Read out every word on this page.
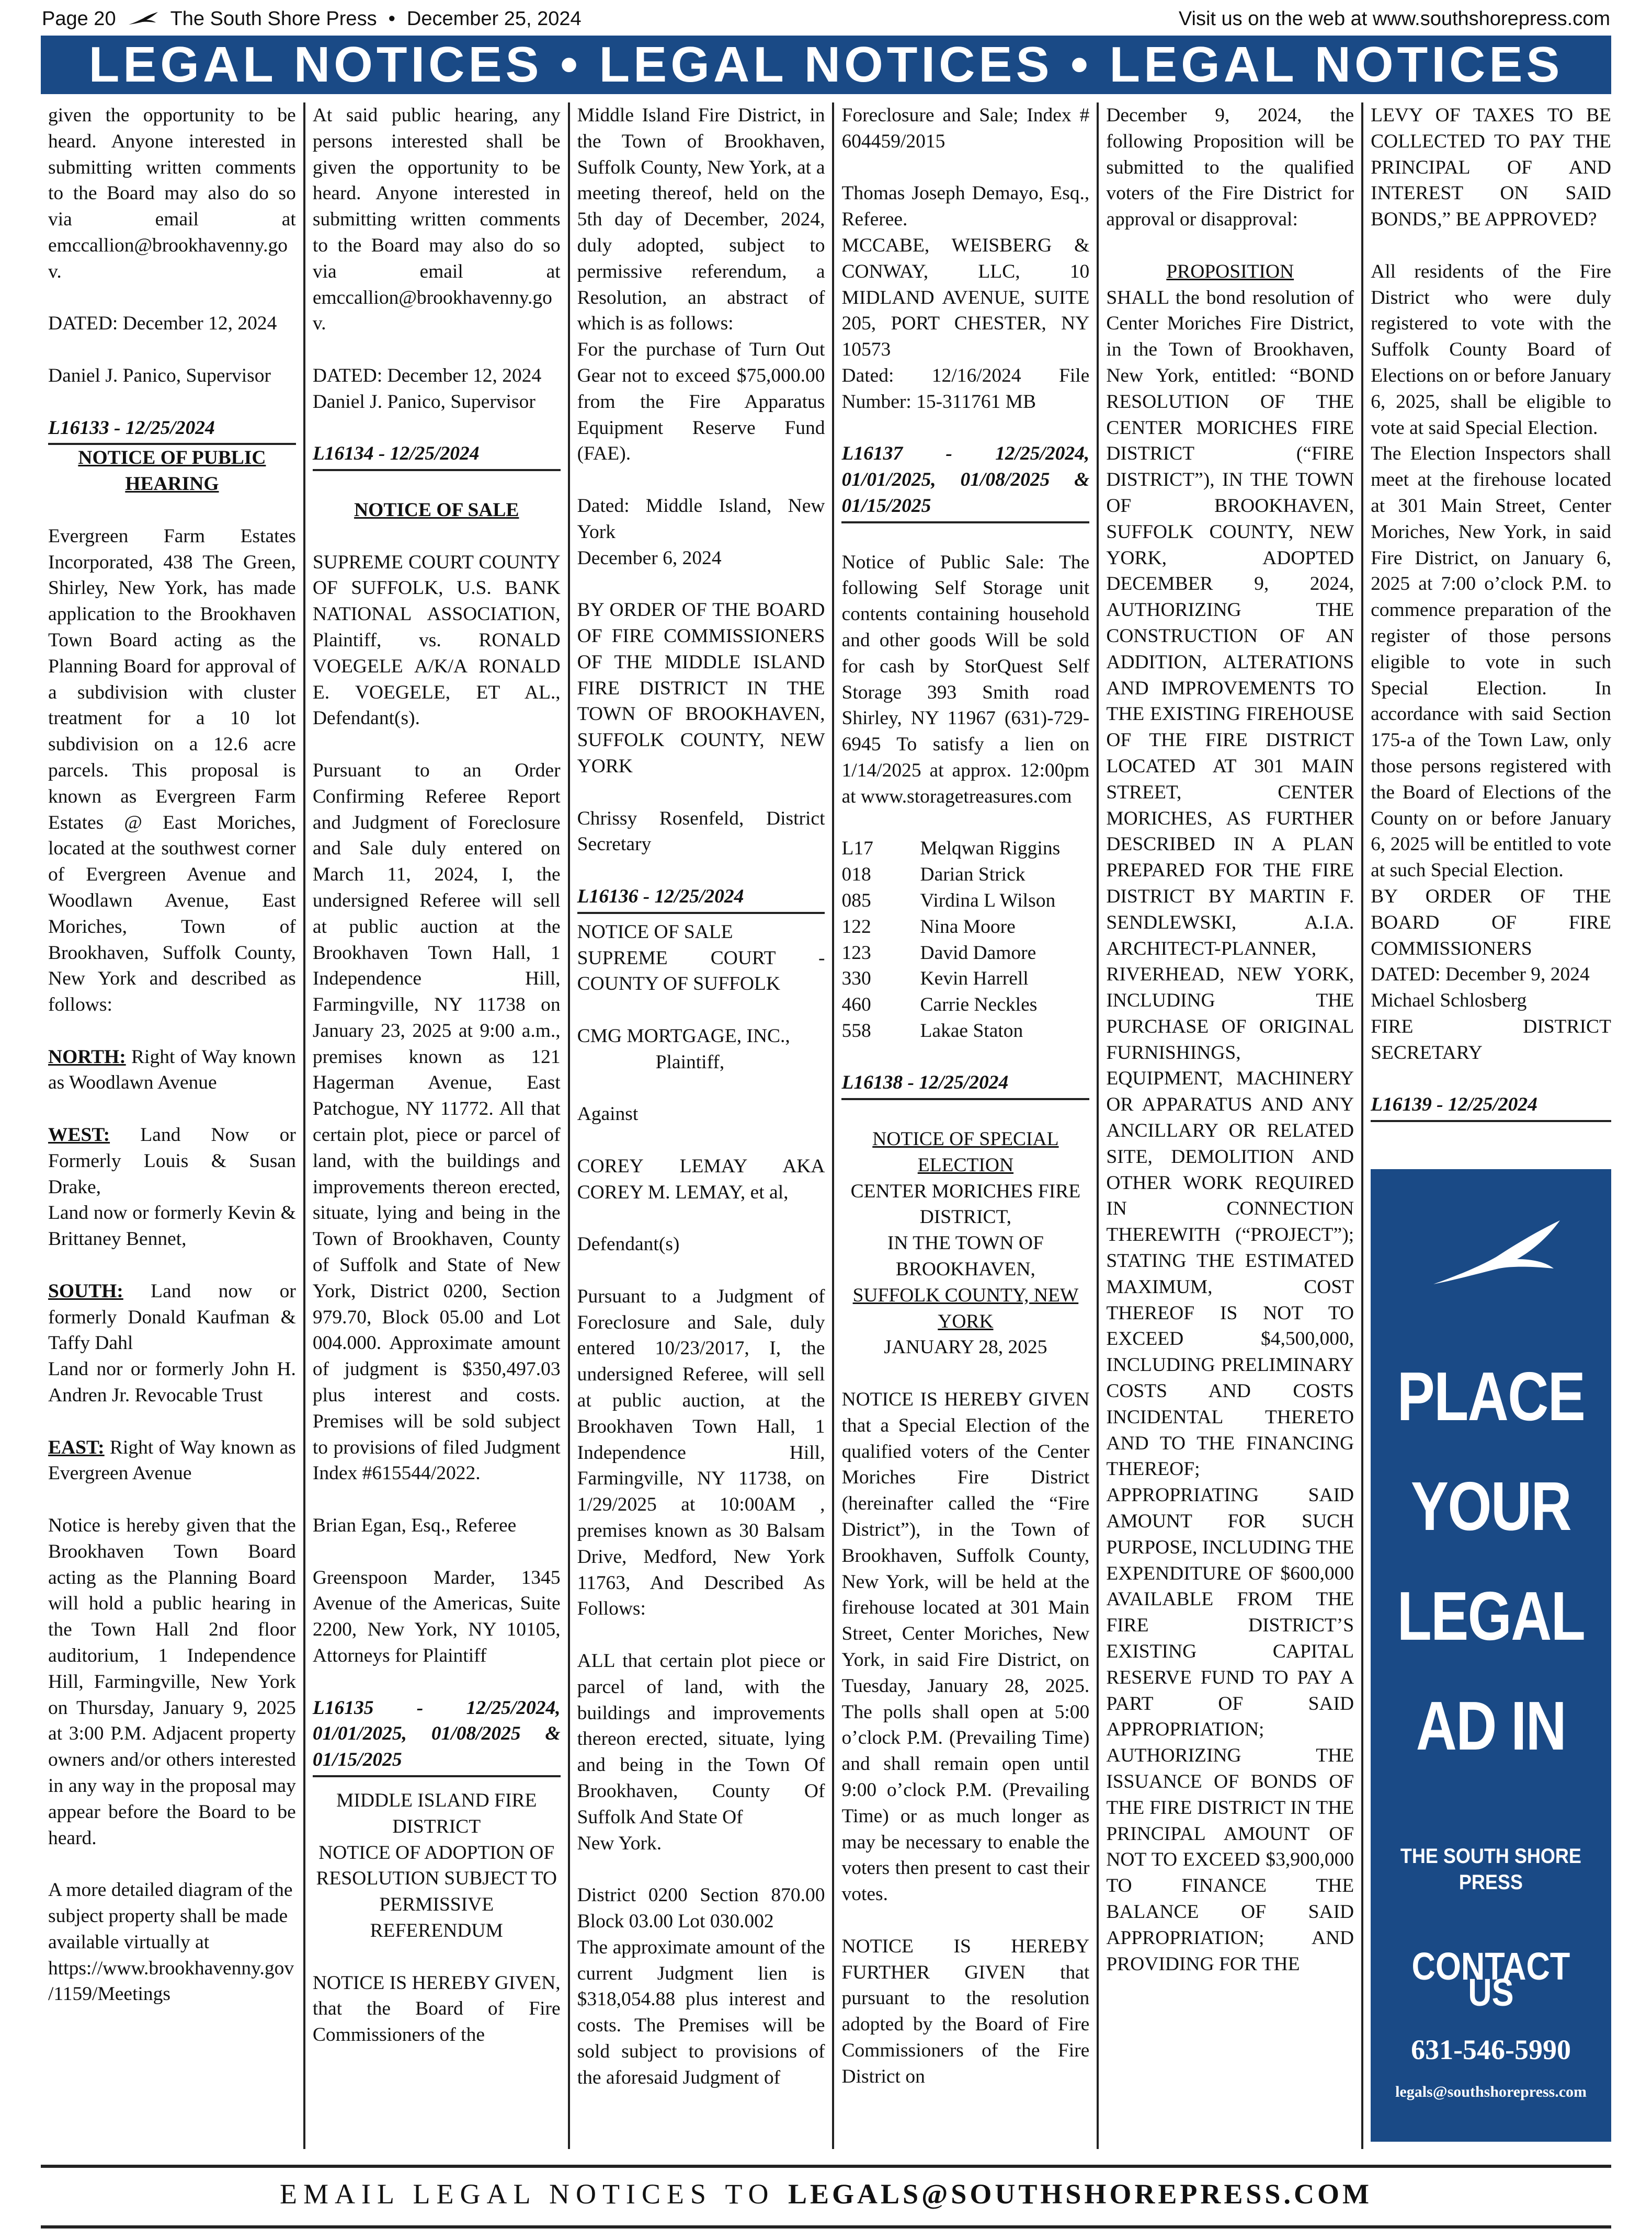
Page 20	The South Shore Press • December 25, 2024	Visit us on the web at www.southshorepress.com
LEGAL NOTICES • LEGAL NOTICES • LEGAL NOTICES

given the opportunity to be heard. Anyone interested in submitting written comments to the Board may also do so via email at emccallion@brookhavenny.gov.

DATED: December 12, 2024

Daniel J. Panico, Supervisor

L16133 - 12/25/2024

NOTICE OF PUBLIC HEARING

Evergreen Farm Estates Incorporated, 438 The Green, Shirley, New York, has made application to the Brookhaven Town Board acting as the Planning Board for approval of a subdivision with cluster treatment for a 10 lot subdivision on a 12.6 acre parcels. This proposal is known as Evergreen Farm Estates @ East Moriches, located at the southwest corner of Evergreen Avenue and Woodlawn Avenue, East Moriches, Town of Brookhaven, Suffolk County, New York and described as follows:

NORTH: Right of Way known as Woodlawn Avenue

WEST: Land Now or Formerly Louis & Susan Drake,

Land now or formerly Kevin & Brittaney Bennet,

SOUTH: Land now or formerly Donald Kaufman & Taffy Dahl

Land nor or formerly John H. Andren Jr. Revocable Trust

EAST: Right of Way known as Evergreen Avenue

Notice is hereby given that the Brookhaven Town Board acting as the Planning Board will hold a public hearing in the Town Hall 2nd floor auditorium, 1 Independence Hill, Farmingville, New York on Thursday, January 9, 2025 at 3:00 P.M. Adjacent property owners and/or others interested in any way in the proposal may appear before the Board to be heard.

A more detailed diagram of the subject property shall be made available virtually at https://www.brookhavenny.gov/1159/Meetings

At said public hearing, any persons interested shall be given the opportunity to be heard. Anyone interested in submitting written comments to the Board may also do so via email at emccallion@brookhavenny.gov.

DATED: December 12, 2024

Daniel J. Panico, Supervisor

L16134 - 12/25/2024

NOTICE OF SALE

SUPREME COURT COUNTY OF SUFFOLK, U.S. BANK NATIONAL ASSOCIATION, Plaintiff, vs. RONALD VOEGELE A/K/A RONALD E. VOEGELE, ET AL., Defendant(s).

Pursuant to an Order Confirming Referee Report and Judgment of Foreclosure and Sale duly entered on March 11, 2024, I, the undersigned Referee will sell at public auction at the Brookhaven Town Hall, 1 Independence Hill, Farmingville, NY 11738 on January 23, 2025 at 9:00 a.m., premises known as 121 Hagerman Avenue, East Patchogue, NY 11772. All that certain plot, piece or parcel of land, with the buildings and improvements thereon erected, situate, lying and being in the Town of Brookhaven, County of Suffolk and State of New York, District 0200, Section 979.70, Block 05.00 and Lot 004.000. Approximate amount of judgment is $350,497.03 plus interest and costs. Premises will be sold subject to provisions of filed Judgment Index #615544/2022.

Brian Egan, Esq., Referee

Greenspoon Marder, 1345 Avenue of the Americas, Suite 2200, New York, NY 10105, Attorneys for Plaintiff

L16135 - 12/25/2024, 01/01/2025, 01/08/2025 & 01/15/2025

MIDDLE ISLAND FIRE DISTRICT

NOTICE OF ADOPTION OF RESOLUTION SUBJECT TO PERMISSIVE REFERENDUM

NOTICE IS HEREBY GIVEN, that the Board of Fire Commissioners of the

Middle Island Fire District, in the Town of Brookhaven, Suffolk County, New York, at a meeting thereof, held on the 5th day of December, 2024, duly adopted, subject to permissive referendum, a Resolution, an abstract of which is as follows:

For the purchase of Turn Out Gear not to exceed $75,000.00 from the Fire Apparatus Equipment Reserve Fund (FAE).

Dated: Middle Island, New York

December 6, 2024

BY ORDER OF THE BOARD OF FIRE COMMISSIONERS OF THE MIDDLE ISLAND FIRE DISTRICT IN THE TOWN OF BROOKHAVEN, SUFFOLK COUNTY, NEW YORK

Chrissy Rosenfeld, District Secretary

L16136 - 12/25/2024

NOTICE OF SALE

SUPREME COURT - COUNTY OF SUFFOLK

CMG MORTGAGE, INC.,

Plaintiff,

Against

COREY LEMAY AKA COREY M. LEMAY, et al,

Defendant(s)

Pursuant to a Judgment of Foreclosure and Sale, duly entered 10/23/2017, I, the undersigned Referee, will sell at public auction, at the Brookhaven Town Hall, 1 Independence Hill, Farmingville, NY 11738, on 1/29/2025 at 10:00AM , premises known as 30 Balsam Drive, Medford, New York 11763, And Described As Follows:

ALL that certain plot piece or parcel of land, with the buildings and improvements thereon erected, situate, lying and being in the Town Of Brookhaven, County Of Suffolk And State Of

New York.

District 0200 Section 870.00 Block 03.00 Lot 030.002

The approximate amount of the current Judgment lien is $318,054.88 plus interest and costs. The Premises will be sold subject to provisions of the aforesaid Judgment of

Foreclosure and Sale; Index # 604459/2015

Thomas Joseph Demayo, Esq., Referee.

MCCABE, WEISBERG & CONWAY, LLC, 10 MIDLAND AVENUE, SUITE 205, PORT CHESTER, NY 10573

Dated: 12/16/2024 File Number: 15-311761 MB

L16137 - 12/25/2024, 01/01/2025, 01/08/2025 & 01/15/2025

Notice of Public Sale: The following Self Storage unit contents containing household and other goods Will be sold for cash by StorQuest Self Storage 393 Smith road Shirley, NY 11967 (631)-729-6945 To satisfy a lien on 1/14/2025 at approx. 12:00pm at www.storagetreasures.com

L17	Melqwan Riggins
018	Darian Strick
085	Virdina L Wilson
122	Nina Moore
123	David Damore
330	Kevin Harrell
460	Carrie Neckles
558	Lakae Staton

L16138 - 12/25/2024

NOTICE OF SPECIAL ELECTION

CENTER MORICHES FIRE DISTRICT,

IN THE TOWN OF BROOKHAVEN,

SUFFOLK COUNTY, NEW YORK

JANUARY 28, 2025

NOTICE IS HEREBY GIVEN that a Special Election of the qualified voters of the Center Moriches Fire District (hereinafter called the “Fire District”), in the Town of Brookhaven, Suffolk County, New York, will be held at the firehouse located at 301 Main Street, Center Moriches, New York, in said Fire District, on Tuesday, January 28, 2025. The polls shall open at 5:00 o’clock P.M. (Prevailing Time) and shall remain open until 9:00 o’clock P.M. (Prevailing Time) or as much longer as may be necessary to enable the voters then present to cast their votes.

NOTICE IS HEREBY FURTHER GIVEN that pursuant to the resolution adopted by the Board of Fire Commissioners of the Fire District on

December 9, 2024, the following Proposition will be submitted to the qualified voters of the Fire District for approval or disapproval:

PROPOSITION

SHALL the bond resolution of Center Moriches Fire District, in the Town of Brookhaven, New York, entitled: “BOND RESOLUTION OF THE CENTER MORICHES FIRE DISTRICT (“FIRE DISTRICT”), IN THE TOWN OF BROOKHAVEN, SUFFOLK COUNTY, NEW YORK, ADOPTED DECEMBER 9, 2024, AUTHORIZING THE CONSTRUCTION OF AN ADDITION, ALTERATIONS AND IMPROVEMENTS TO THE EXISTING FIREHOUSE OF THE FIRE DISTRICT LOCATED AT 301 MAIN STREET, CENTER MORICHES, AS FURTHER DESCRIBED IN A PLAN PREPARED FOR THE FIRE DISTRICT BY MARTIN F. SENDLEWSKI, A.I.A. ARCHITECT-PLANNER, RIVERHEAD, NEW YORK, INCLUDING THE PURCHASE OF ORIGINAL FURNISHINGS, EQUIPMENT, MACHINERY OR APPARATUS AND ANY ANCILLARY OR RELATED SITE, DEMOLITION AND OTHER WORK REQUIRED IN CONNECTION THEREWITH (“PROJECT”); STATING THE ESTIMATED MAXIMUM, COST THEREOF IS NOT TO EXCEED $4,500,000, INCLUDING PRELIMINARY COSTS AND COSTS INCIDENTAL THERETO AND TO THE FINANCING THEREOF; APPROPRIATING SAID AMOUNT FOR SUCH PURPOSE, INCLUDING THE EXPENDITURE OF $600,000 AVAILABLE FROM THE FIRE DISTRICT’S EXISTING CAPITAL RESERVE FUND TO PAY A PART OF SAID APPROPRIATION; AUTHORIZING THE ISSUANCE OF BONDS OF THE FIRE DISTRICT IN THE PRINCIPAL AMOUNT OF NOT TO EXCEED $3,900,000 TO FINANCE THE BALANCE OF SAID APPROPRIATION; AND PROVIDING FOR THE

LEVY OF TAXES TO BE COLLECTED TO PAY THE PRINCIPAL OF AND INTEREST ON SAID BONDS,” BE APPROVED?

All residents of the Fire District who were duly registered to vote with the Suffolk County Board of Elections on or before January 6, 2025, shall be eligible to vote at said Special Election.

The Election Inspectors shall meet at the firehouse located at 301 Main Street, Center Moriches, New York, in said Fire District, on January 6, 2025 at 7:00 o’clock P.M. to commence preparation of the register of those persons eligible to vote in such Special Election. In accordance with said Section 175-a of the Town Law, only those persons registered with the Board of Elections of the County on or before January 6, 2025 will be entitled to vote at such Special Election.

BY ORDER OF THE BOARD OF FIRE COMMISSIONERS

DATED: December 9, 2024

Michael Schlosberg

FIRE DISTRICT SECRETARY

L16139 - 12/25/2024

PLACE
YOUR
LEGAL
AD IN
THE SOUTH SHORE PRESS
CONTACT US
631-546-5990
legals@southshorepress.com
EMAIL LEGAL NOTICES TO LEGALS@SOUTHSHOREPRESS.COM
